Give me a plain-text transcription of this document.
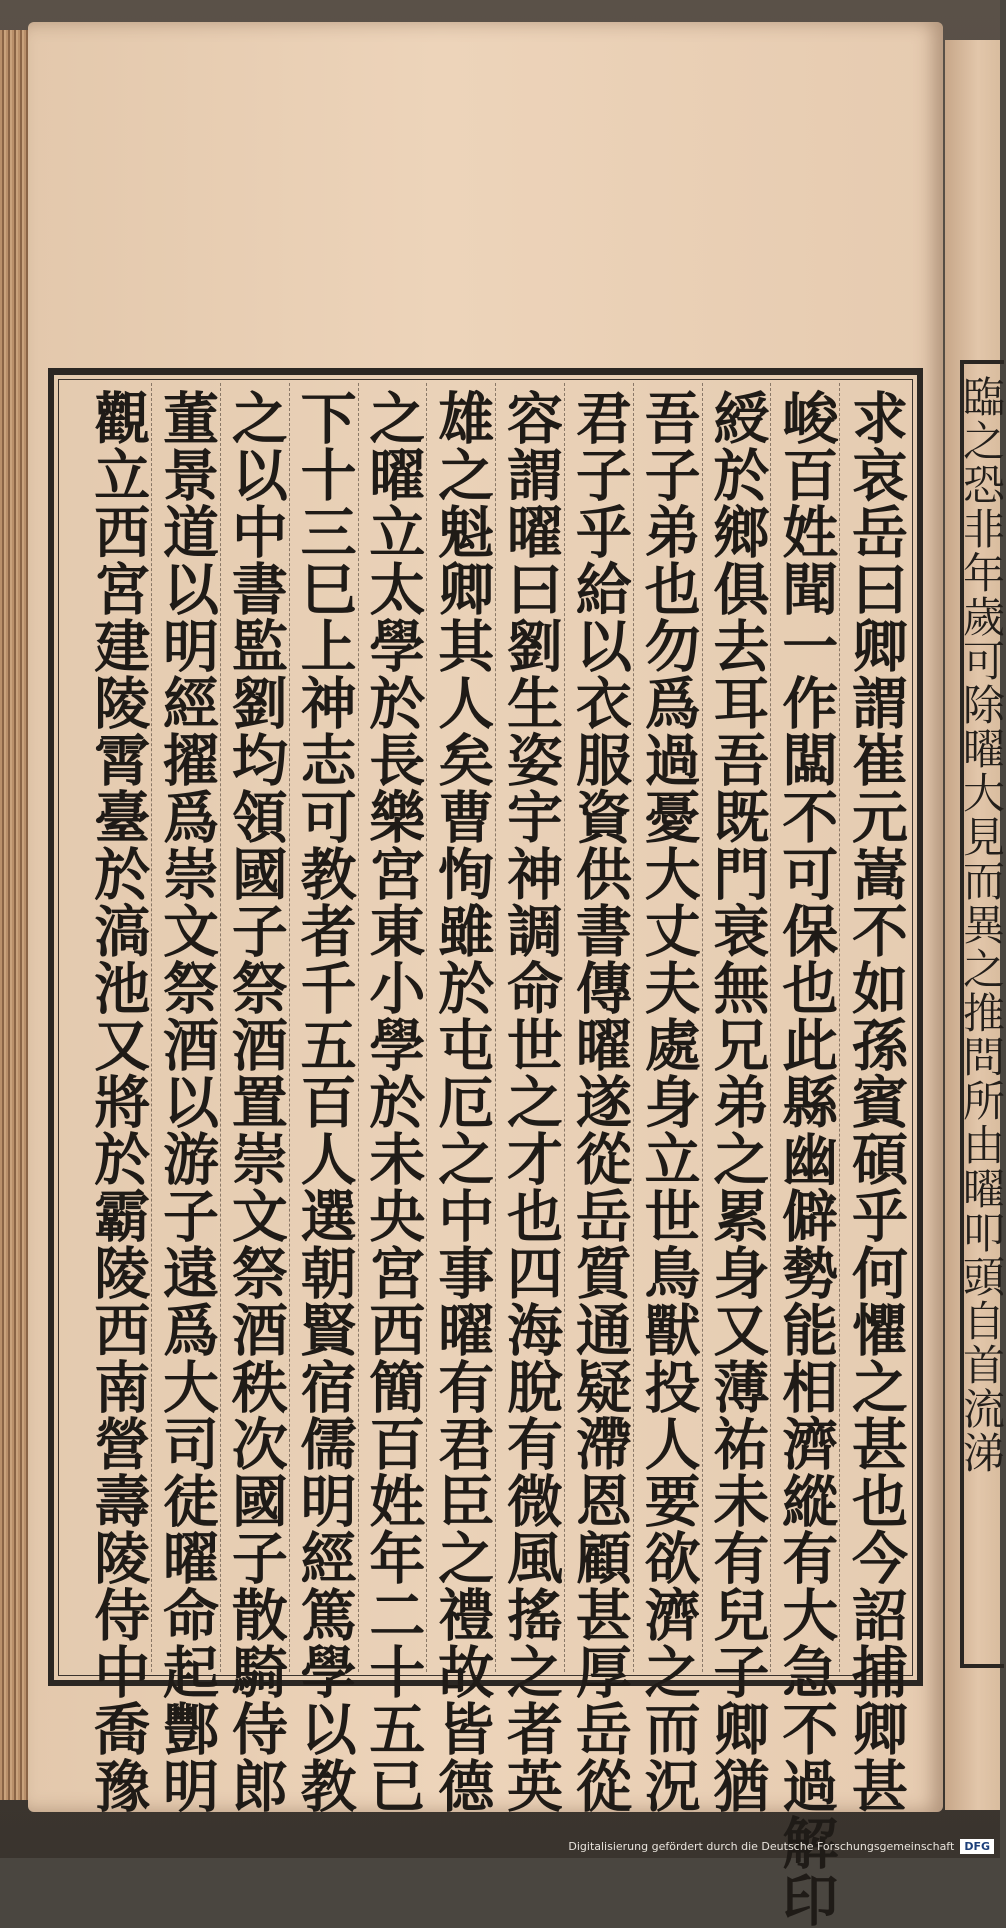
臨之恐非年歲可除曜大見而異之推問所由曜叩頭自首流涕
求哀岳曰卿謂崔元嵩不如孫賓碩乎何懼之甚也今詔捕卿甚
峻百姓聞一作闆不可保也此縣幽僻勢能相濟縱有大急不過解印
綬於鄉俱去耳吾既門衰無兄弟之累身又薄祐未有兒子卿猶
吾子弟也勿爲過憂大丈夫處身立世鳥獸投人要欲濟之而況
君子乎給以衣服資供書傳曜遂從岳質通疑滯恩顧甚厚岳從
容謂曜曰劉生姿宇神調命世之才也四海脫有微風搖之者英
雄之魁卿其人矣曹恂雖於屯厄之中事曜有君臣之禮故皆德
之曜立太學於長樂宮東小學於未央宮西簡百姓年二十五已
下十三巳上神志可教者千五百人選朝賢宿儒明經篤學以教
之以中書監劉均領國子祭酒置崇文祭酒秩次國子散騎侍郎
董景道以明經擢爲崇文祭酒以游子遠爲大司徒曜命起酆明
觀立西宮建陵霄臺於滈池又將於霸陵西南營壽陵侍中喬豫
Digitalisierung gefördert durch die Deutsche Forschungsgemeinschaft DFG
